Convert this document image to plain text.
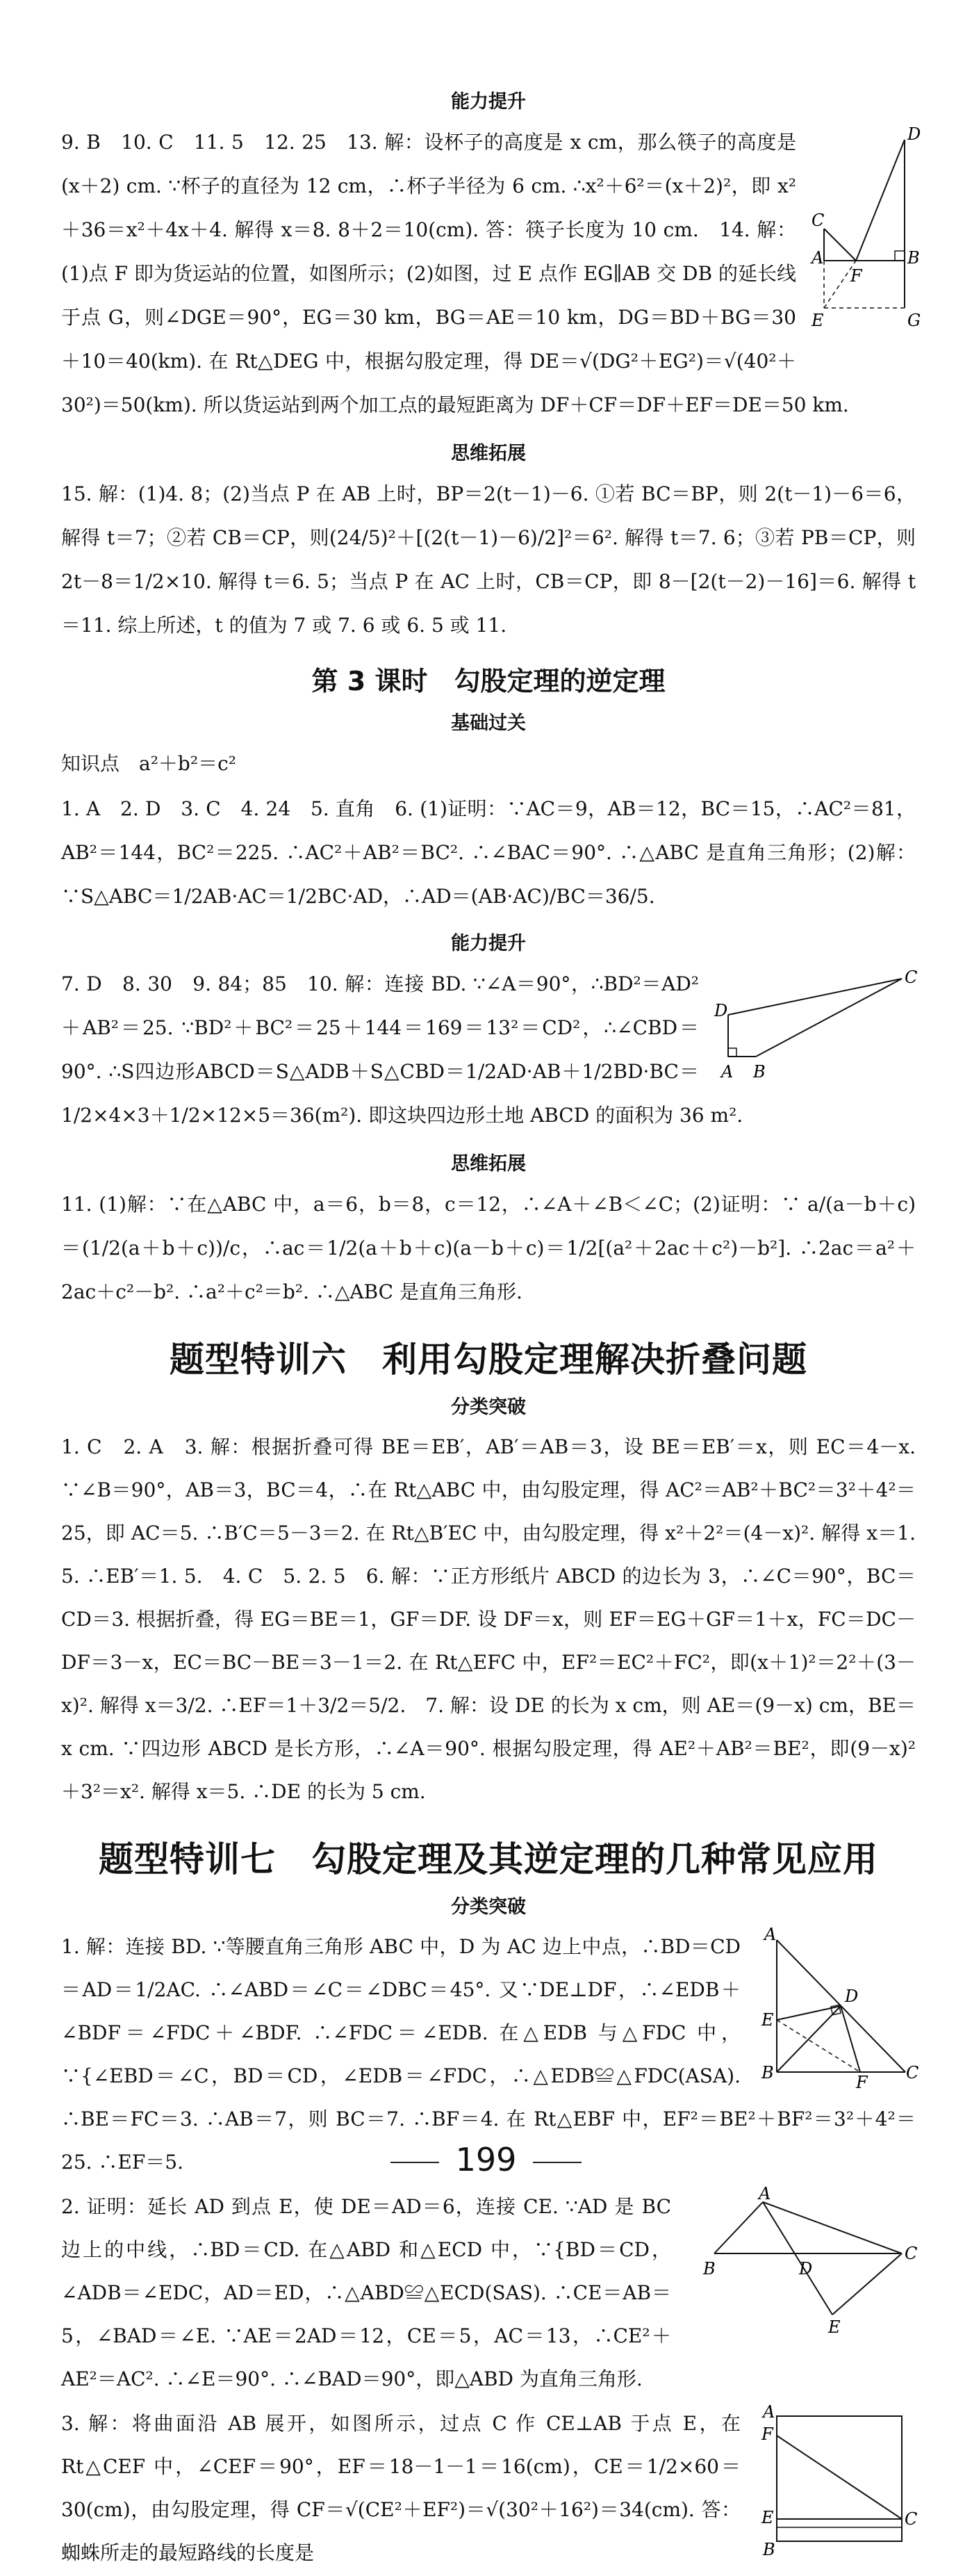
能力提升
D
C
A
F
B
E	G

9. B　10. C　11. 5　12. 25　13. 解：设杯子的高度是 x cm，那么筷子的高度是(x＋2) cm. ∵杯子的直径为 12 cm，∴杯子半径为 6 cm. ∴x²＋6²＝(x＋2)²，即 x²＋36＝x²＋4x＋4. 解得 x＝8. 8＋2＝10(cm). 答：筷子长度为 10 cm.　14. 解：(1)点 F 即为货运站的位置，如图所示；(2)如图，过 E 点作 EG∥AB 交 DB 的延长线于点 G，则∠DGE＝90°，EG＝30 km，BG＝AE＝10 km，DG＝BD＋BG＝30＋10＝40(km). 在 Rt△DEG 中，根据勾股定理，得 DE＝√(DG²＋EG²)＝√(40²＋30²)＝50(km). 所以货运站到两个加工点的最短距离为 DF＋CF＝DF＋EF＝DE＝50 km.

思维拓展

15. 解：(1)4. 8；(2)当点 P 在 AB 上时，BP＝2(t－1)－6. ①若 BC＝BP，则 2(t－1)－6＝6，解得 t＝7；②若 CB＝CP，则(24/5)²＋[(2(t－1)－6)/2]²＝6². 解得 t＝7. 6；③若 PB＝CP，则 2t－8＝1/2×10. 解得 t＝6. 5；当点 P 在 AC 上时，CB＝CP，即 8－[2(t－2)－16]＝6. 解得 t＝11. 综上所述，t 的值为 7 或 7. 6 或 6. 5 或 11.

第 3 课时　勾股定理的逆定理
基础过关

知识点　a²＋b²＝c²

1. A　2. D　3. C　4. 24　5. 直角　6. (1)证明：∵AC＝9，AB＝12，BC＝15，∴AC²＝81，AB²＝144，BC²＝225. ∴AC²＋AB²＝BC². ∴∠BAC＝90°. ∴△ABC 是直角三角形；(2)解：∵S△ABC＝1/2AB·AC＝1/2BC·AD，∴AD＝(AB·AC)/BC＝36/5.

能力提升
C
D
A B

7. D　8. 30　9. 84；85　10. 解：连接 BD. ∵∠A＝90°，∴BD²＝AD²＋AB²＝25. ∵BD²＋BC²＝25＋144＝169＝13²＝CD²，∴∠CBD＝90°. ∴S四边形ABCD＝S△ADB＋S△CBD＝1/2AD·AB＋1/2BD·BC＝1/2×4×3＋1/2×12×5＝36(m²). 即这块四边形土地 ABCD 的面积为 36 m².

思维拓展

11. (1)解：∵在△ABC 中，a＝6，b＝8，c＝12，∴∠A＋∠B＜∠C；(2)证明：∵ a/(a－b＋c)＝(1/2(a＋b＋c))/c，∴ac＝1/2(a＋b＋c)(a－b＋c)＝1/2[(a²＋2ac＋c²)－b²]. ∴2ac＝a²＋2ac＋c²－b². ∴a²＋c²＝b². ∴△ABC 是直角三角形.

题型特训六　利用勾股定理解决折叠问题
分类突破

1. C　2. A　3. 解：根据折叠可得 BE＝EB′，AB′＝AB＝3，设 BE＝EB′＝x，则 EC＝4－x. ∵∠B＝90°，AB＝3，BC＝4，∴在 Rt△ABC 中，由勾股定理，得 AC²＝AB²＋BC²＝3²＋4²＝25，即 AC＝5. ∴B′C＝5－3＝2. 在 Rt△B′EC 中，由勾股定理，得 x²＋2²＝(4－x)². 解得 x＝1. 5. ∴EB′＝1. 5.　4. C　5. 2. 5　6. 解：∵正方形纸片 ABCD 的边长为 3，∴∠C＝90°，BC＝CD＝3. 根据折叠，得 EG＝BE＝1，GF＝DF. 设 DF＝x，则 EF＝EG＋GF＝1＋x，FC＝DC－DF＝3－x，EC＝BC－BE＝3－1＝2. 在 Rt△EFC 中，EF²＝EC²＋FC²，即(x＋1)²＝2²＋(3－x)². 解得 x＝3/2. ∴EF＝1＋3/2＝5/2.　7. 解：设 DE 的长为 x cm，则 AE＝(9－x) cm，BE＝x cm. ∵四边形 ABCD 是长方形，∴∠A＝90°. 根据勾股定理，得 AE²＋AB²＝BE²，即(9－x)²＋3²＝x². 解得 x＝5. ∴DE 的长为 5 cm.

题型特训七　勾股定理及其逆定理的几种常见应用
分类突破
A
D
E
B	F C

1. 解：连接 BD. ∵等腰直角三角形 ABC 中，D 为 AC 边上中点，∴BD＝CD＝AD＝1/2AC. ∴∠ABD＝∠C＝∠DBC＝45°. 又∵DE⊥DF，∴∠EDB＋∠BDF＝∠FDC＋∠BDF. ∴∠FDC＝∠EDB. 在△EDB 与△FDC 中，∵{∠EBD＝∠C，BD＝CD，∠EDB＝∠FDC，∴△EDB≌△FDC(ASA). ∴BE＝FC＝3. ∴AB＝7，则 BC＝7. ∴BF＝4. 在 Rt△EBF 中，EF²＝BE²＋BF²＝3²＋4²＝25. ∴EF＝5.

A
B	D
C
E

2. 证明：延长 AD 到点 E，使 DE＝AD＝6，连接 CE. ∵AD 是 BC 边上的中线，∴BD＝CD. 在△ABD 和△ECD 中，∵{BD＝CD，∠ADB＝∠EDC，AD＝ED，∴△ABD≌△ECD(SAS). ∴CE＝AB＝5，∠BAD＝∠E. ∵AE＝2AD＝12，CE＝5，AC＝13，∴CE²＋AE²＝AC². ∴∠E＝90°. ∴∠BAD＝90°，即△ABD 为直角三角形.

A
F
E	C
B

3. 解：将曲面沿 AB 展开，如图所示，过点 C 作 CE⊥AB 于点 E，在 Rt△CEF 中，∠CEF＝90°，EF＝18－1－1＝16(cm)，CE＝1/2×60＝30(cm)，由勾股定理，得 CF＝√(CE²＋EF²)＝√(30²＋16²)＝34(cm). 答：蜘蛛所走的最短路线的长度是

199
